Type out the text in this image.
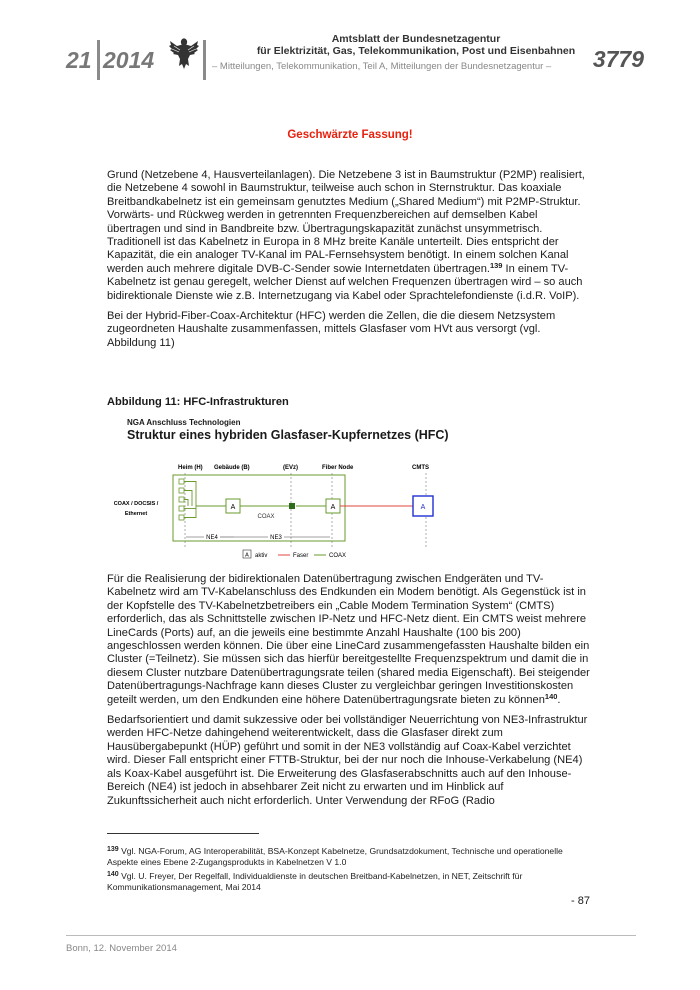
21 2014
Amtsblatt der Bundesnetzagentur
für Elektrizität, Gas, Telekommunikation, Post und Eisenbahnen
– Mitteilungen, Telekommunikation, Teil A, Mitteilungen der Bundesnetzagentur – 3779
Geschwärzte Fassung!

Grund (Netzebene 4, Hausverteilanlagen). Die Netzebene 3 ist in Baumstruktur (P2MP) realisiert, die Netzebene 4 sowohl in Baumstruktur, teilweise auch schon in Sternstruktur. Das koaxiale Breitbandkabelnetz ist ein gemeinsam genutztes Medium („Shared Medium“) mit P2MP-Struktur. Vorwärts- und Rückweg werden in getrennten Frequenzbereichen auf demselben Kabel übertragen und sind in Bandbreite bzw. Übertragungskapazität zunächst unsymmetrisch. Traditionell ist das Kabelnetz in Europa in 8 MHz breite Kanäle unterteilt. Dies entspricht der Kapazität, die ein analoger TV-Kanal im PAL-Fernsehsystem benötigt. In einem solchen Kanal werden auch mehrere digitale DVB-C-Sender sowie Internetdaten übertragen.$^{139}$ In einem TV-Kabelnetz ist genau geregelt, welcher Dienst auf welchen Frequenzen übertragen wird – so auch bidirektionale Dienste wie z.B. Internetzugang via Kabel oder Sprachtelefondienste (i.d.R. VoIP).

Bei der Hybrid-Fiber-Coax-Architektur (HFC) werden die Zellen, die die diesem Netzsystem zugeordneten Haushalte zusammenfassen, mittels Glasfaser vom HVt aus versorgt (vgl. Abbildung 11)

Abbildung 11: HFC-Infrastrukturen
NGA Anschluss Technologien
Struktur eines hybriden Glasfaser-Kupfernetzes (HFC)
Heim (H) Gebäude (B)	(EVz)	Fiber Node	CMTS
COAX / DOCSIS /
Ethernet
A	A
COAX
A
NE4	NE3
A aktiv	Faser	COAX

Für die Realisierung der bidirektionalen Datenübertragung zwischen Endgeräten und TV-Kabelnetz wird am TV-Kabelanschluss des Endkunden ein Modem benötigt. Als Gegenstück ist in der Kopfstelle des TV-Kabelnetzbetreibers ein „Cable Modem Termination System“ (CMTS) erforderlich, das als Schnittstelle zwischen IP-Netz und HFC-Netz dient. Ein CMTS weist mehrere LineCards (Ports) auf, an die jeweils eine bestimmte Anzahl Haushalte (100 bis 200) angeschlossen werden können. Die über eine LineCard zusammengefassten Haushalte bilden ein Cluster (=Teilnetz). Sie müssen sich das hierfür bereitgestellte Frequenzspektrum und damit die in diesem Cluster nutzbare Datenübertragungsrate teilen (shared media Eigenschaft). Bei steigender Datenübertragungs-Nachfrage kann dieses Cluster zu vergleichbar geringen Investitionskosten geteilt werden, um den Endkunden eine höhere Datenübertragungsrate bieten zu können$^{140}$.

Bedarfsorientiert und damit sukzessive oder bei vollständiger Neuerrichtung von NE3-Infrastruktur werden HFC-Netze dahingehend weiterentwickelt, dass die Glasfaser direkt zum Hausübergabepunkt (HÜP) geführt und somit in der NE3 vollständig auf Coax-Kabel verzichtet wird. Dieser Fall entspricht einer FTTB-Struktur, bei der nur noch die Inhouse-Verkabelung (NE4) als Koax-Kabel ausgeführt ist. Die Erweiterung des Glasfaserabschnitts auch auf den Inhouse-Bereich (NE4) ist jedoch in absehbarer Zeit nicht zu erwarten und im Hinblick auf Zukunftssicherheit auch nicht erforderlich. Unter Verwendung der RFoG (Radio

$^{139}$ Vgl. NGA-Forum, AG Interoperabilität, BSA-Konzept Kabelnetze, Grundsatzdokument, Technische und operationelle Aspekte eines Ebene 2-Zugangsprodukts in Kabelnetzen V 1.0
$^{140}$ Vgl. U. Freyer, Der Regelfall, Individualdienste in deutschen Breitband-Kabelnetzen, in NET, Zeitschrift für Kommunikationsmanagement, Mai 2014
- 87
Bonn, 12. November 2014
